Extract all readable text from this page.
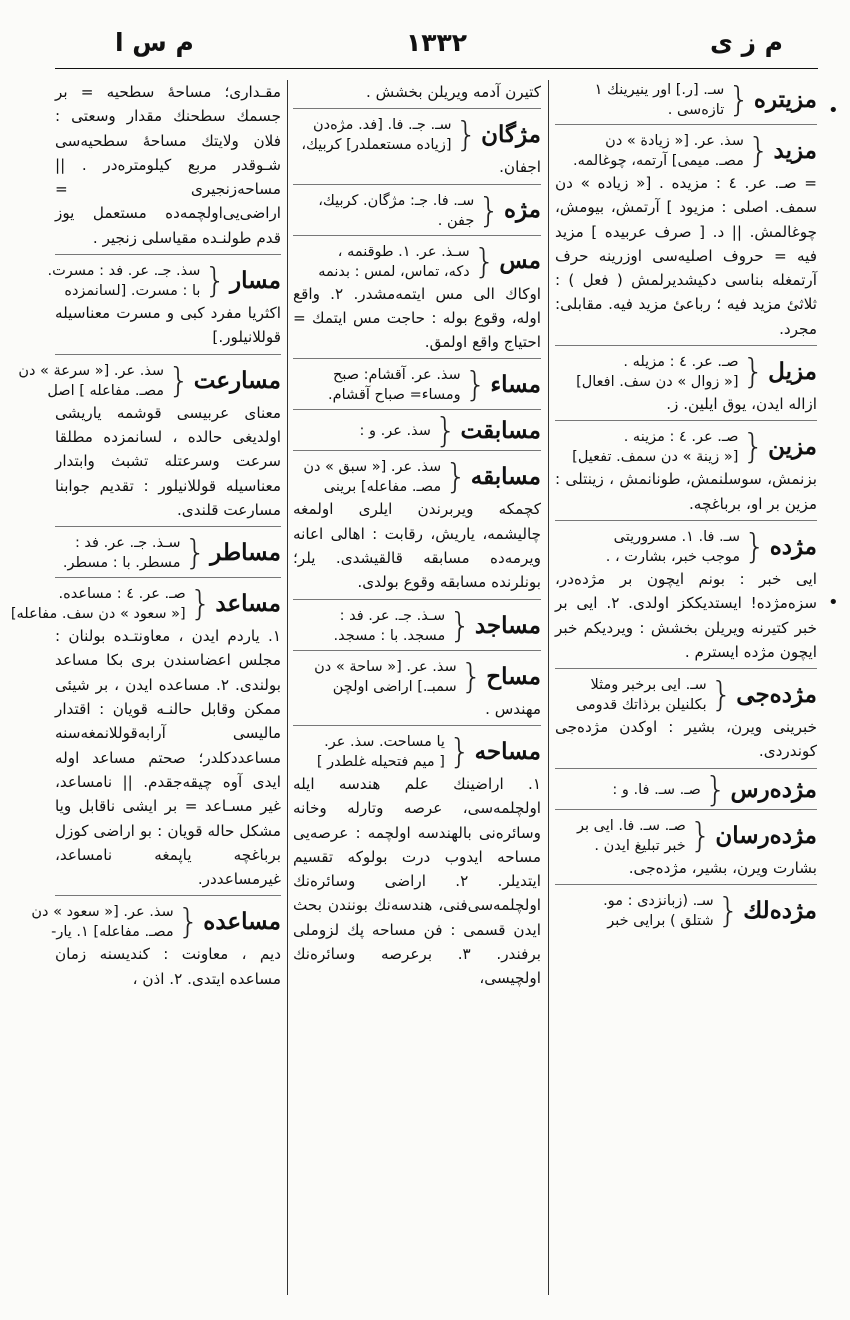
م س ا	۱۳۳۲	م ز ی
•
•
مزيتره
{
سـ. [ر.] اور ينيرينك ۱
تازه‌سی .
مزيد
{
سذ. عر. [« زيادة » دن
مصـ. ميمی] آرتمه، چوغالمه.

= صـ. عر. ٤ : مزيده . [« زياده » دن سمف. اصلی : مزيود ] آرتمش، بيومش، چوغالمش. || د. [ صرف عربيده ] مزيد فيه = حروف اصليه‌سی اوزرينه حرف آرتمغله بناسی دكيشديرلمش ( فعل ) : ثلاثیٔ مزيد فيه ؛ رباعیٔ مزيد فيه. مقابلی: مجرد.

مزيل
{
صـ. عر. ٤ : مزيله .
[« زوال » دن سف. افعال]

ازاله ايدن، يوق ايلين. ز.

مزين
{
صـ. عر. ٤ : مزينه .
[« زينة » دن سمف. تفعيل]

بزنمش، سوسلنمش، طونانمش ، زينتلی : مزين بر او، برباغچه.

مژده
{
سـ. فا. ۱. مسروريتی
موجب خبر، بشارت ، .

ايی خبر : بونم ايچون بر مژده‌در، سزه‌مژده! ايستديككز اولدی. ۲. ايی بر خبر كتيرنه ويريلن بخشش : ويرديكم خبر ايچون مژده ايسترم .

مژده‌جی
{
سـ. ايی برخبر ومثلا
بكلنيلن برذاتك قدومی

خبرينی ويرن، بشير : اوكدن مژده‌جی كوندردی.

مژده‌رس
{
صـ. سـ. فا. و :
مژده‌رسان
{
صـ. سـ. فا. ايی بر
خبر تبليغ ايدن .

بشارت ويرن، بشير، مژده‌جی.

مژده‌لك
{
سـ. (زبانزدی : مو.
شتلق ) برايی خبر

كتيرن آدمه ويريلن بخشش .

مژگان
{
سـ. جـ. فا. [فد. مژه‌دن
[زياده‌ مستعملدر] كربيك،

اجفان.

مژه
{
سـ. فا. جـ: مژگان. كربيك،
جفن .
مس
{
سـذ. عر. ۱. طوقنمه ،
دكه، تماس، لمس : بدنمه

اوكاك الی مس ايتمه‌مشدر. ۲. واقع اوله، وقوع بوله : حاجت مس ايتمك = احتياج واقع اولمق.

مساء
{
سذ. عر. آقشام: صبح
ومساء= صباح آقشام.
مسابقت
{
سذ. عر. و :
مسابقه
{
سذ. عر. [« سبق » دن
مصـ. مفاعله] برينی

كچمكه ويربرندن ايلری اولمغه چاليشمه، ياريش، رقابت : اهالی اعانه ويرمه‌ده مسابقه قالقيشدی. يلر؛ بونلرنده مسابقه وقوع بولدی.

مساجد
{
سـذ. جـ. عر. فد :
مسجد. با : مسجد.
مساح
{
سذ. عر. [« ساحة » دن
سمبـ.] اراضی اولچن

مهندس .

مساحه
{
يا مساحت. سذ. عر.
[ ميم فتحيله غلطدر ]

۱. اراضينك علم هندسه ايله اولچلمه‌سی، عرصه وتارله وخانه وسائره‌نی بالهندسه اولچمه : عرصه‌يی مساحه ايدوب درت بولوكه تقسيم ايتديلر. ۲. اراضی وسائره‌نك اولچلمه‌سی‌فنی، هندسه‌نك بونندن بحث ايدن قسمی : فن مساحه پك لزوملی برفندر. ۳. برعرصه وسائره‌نك اولچيسی،

مقـداری؛ مساحهٔ سطحيه = بر جسمك سطحنك مقدار وسعتی : فلان ولايتك مساحهٔ سطحيه‌سی شـوقدر مربع كيلومتره‌در . || مساحه‌زنجيری = اراضی‌يی‌اولچمه‌ده مستعمل يوز قدم طولنـده مقياسلی زنجير .

مسار
{
سذ. جـ. عر. فد : مسرت.
با : مسرت. [لسانمزده

اكثريا مفرد كبی و مسرت معناسيله قوللانيلور.]

مسارعت
{
سذ. عر. [« سرعة » دن
مصـ. مفاعله ] اصل

معنای عربيسی قوشمه ياريشی اولديغی حالده ، لسانمزده مطلقا سرعت وسرعتله تشبث وابتدار معناسيله قوللانيلور : تقديم جوابنا مسارعت قلندی.

مساطر
{
سـذ. جـ. عر. فد :
مسطر. با : مسطر.
مساعد
{
صـ. عر. ٤ : مساعده.
[« سعود » دن سف. مفاعله]

۱. ياردم ايدن ، معاونتـده بولنان : مجلس اعضاسندن بری بكا مساعد بولندی. ۲. مساعده ايدن ، بر شيئی ممكن وقابل حالنـه قويان : اقتدار ماليسی آرابه‌قوللانمغه‌سنه مساعددكلدر؛ صحتم مساعد اوله ايدی آوه چيقه‌جقدم. || نامساعد، غير مسـاعد = بر ايشی ناقابل ويا مشكل حاله قويان : بو اراضی كوزل برباغچه ياپمغه نامساعد، غيرمساعددر.

مساعده
{
سذ. عر. [« سعود » دن
مصـ. مفاعله] ۱. يار-

ديم ، معاونت : كنديسنه زمان مساعده ايتدی. ۲. اذن ،
